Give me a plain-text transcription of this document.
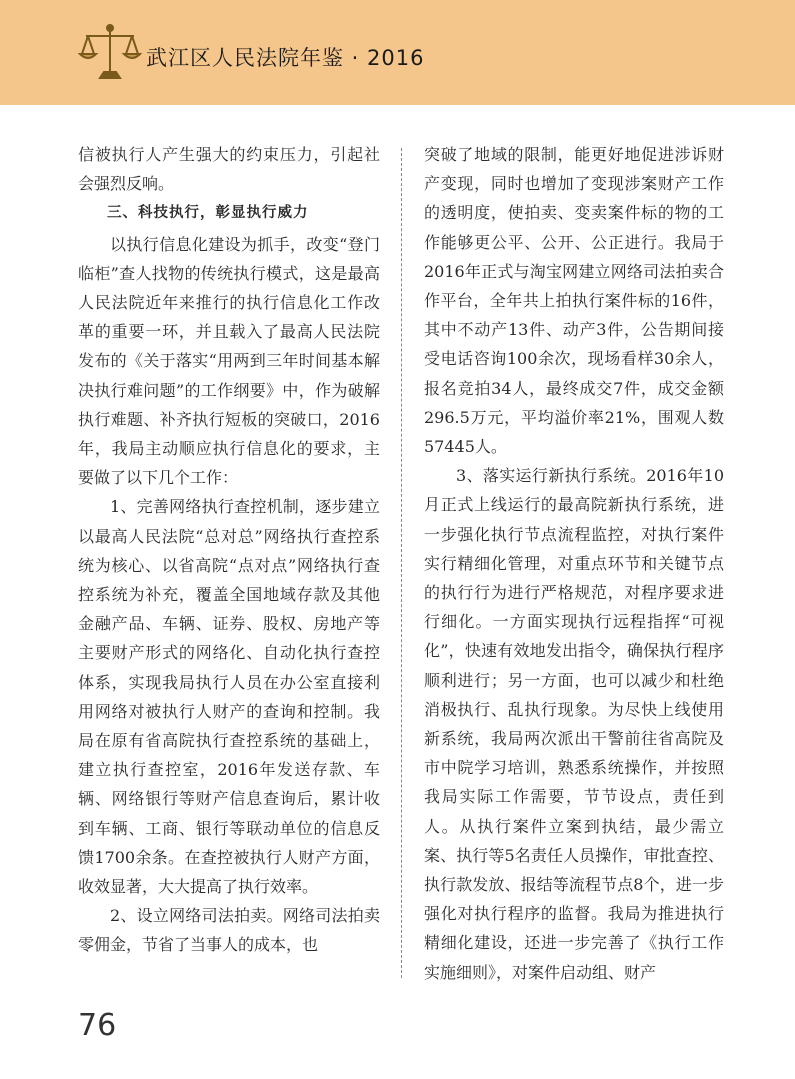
武江区人民法院年鉴 · 2016

信被执行人产生强大的约束压力，引起社会强烈反响。

三、科技执行，彰显执行威力

以执行信息化建设为抓手，改变“登门临柜”查人找物的传统执行模式，这是最高人民法院近年来推行的执行信息化工作改革的重要一环，并且载入了最高人民法院发布的《关于落实“用两到三年时间基本解决执行难问题”的工作纲要》中，作为破解执行难题、补齐执行短板的突破口，2016年，我局主动顺应执行信息化的要求，主要做了以下几个工作：

1、完善网络执行查控机制，逐步建立以最高人民法院“总对总”网络执行查控系统为核心、以省高院“点对点”网络执行查控系统为补充，覆盖全国地域存款及其他金融产品、车辆、证券、股权、房地产等主要财产形式的网络化、自动化执行查控体系，实现我局执行人员在办公室直接利用网络对被执行人财产的查询和控制。我局在原有省高院执行查控系统的基础上，建立执行查控室，2016年发送存款、车辆、网络银行等财产信息查询后，累计收到车辆、工商、银行等联动单位的信息反馈1700余条。在查控被执行人财产方面，收效显著，大大提高了执行效率。

2、设立网络司法拍卖。网络司法拍卖零佣金，节省了当事人的成本，也

突破了地域的限制，能更好地促进涉诉财产变现，同时也增加了变现涉案财产工作的透明度，使拍卖、变卖案件标的物的工作能够更公平、公开、公正进行。我局于2016年正式与淘宝网建立网络司法拍卖合作平台，全年共上拍执行案件标的16件，其中不动产13件、动产3件，公告期间接受电话咨询100余次，现场看样30余人，报名竞拍34人，最终成交7件，成交金额296.5万元，平均溢价率21%，围观人数57445人。

3、落实运行新执行系统。2016年10月正式上线运行的最高院新执行系统，进一步强化执行节点流程监控，对执行案件实行精细化管理，对重点环节和关键节点的执行行为进行严格规范，对程序要求进行细化。一方面实现执行远程指挥“可视化”，快速有效地发出指令，确保执行程序顺利进行；另一方面，也可以减少和杜绝消极执行、乱执行现象。为尽快上线使用新系统，我局两次派出干警前往省高院及市中院学习培训，熟悉系统操作，并按照我局实际工作需要，节节设点，责任到人。从执行案件立案到执结，最少需立案、执行等5名责任人员操作，审批查控、执行款发放、报结等流程节点8个，进一步强化对执行程序的监督。我局为推进执行精细化建设，还进一步完善了《执行工作实施细则》，对案件启动组、财产

76
